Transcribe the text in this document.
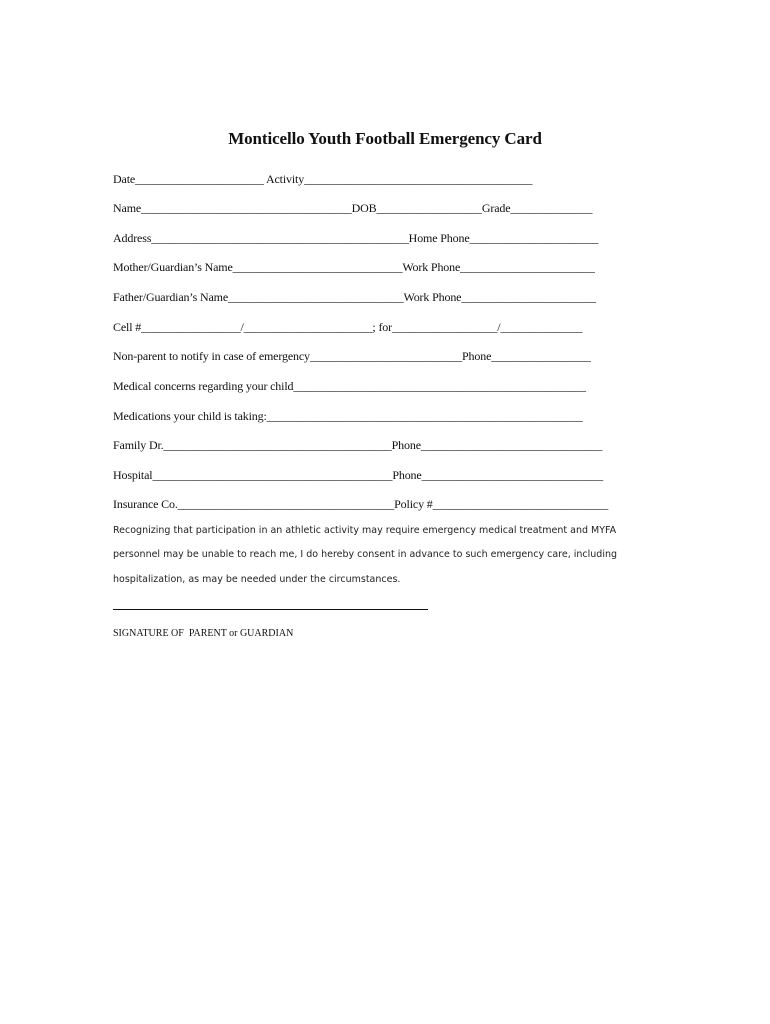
Monticello Youth Football Emergency Card
Date______________________ Activity_______________________________________
Name____________________________________DOB__________________Grade______________
Address____________________________________________Home Phone______________________
Mother/Guardian’s Name_____________________________Work Phone_______________________
Father/Guardian’s Name______________________________Work Phone_______________________
Cell #_________________/______________________; for__________________/______________
Non-parent to notify in case of emergency__________________________Phone_________________
Medical concerns regarding your child__________________________________________________
Medications your child is taking:______________________________________________________
Family Dr._______________________________________Phone_______________________________
Hospital_________________________________________Phone_______________________________
Insurance Co._____________________________________Policy #______________________________
Recognizing that participation in an athletic activity may require emergency medical treatment and MYFA
personnel may be unable to reach me, I do hereby consent in advance to such emergency care, including
hospitalization, as may be needed under the circumstances.
SIGNATURE OF  PARENT or GUARDIAN
